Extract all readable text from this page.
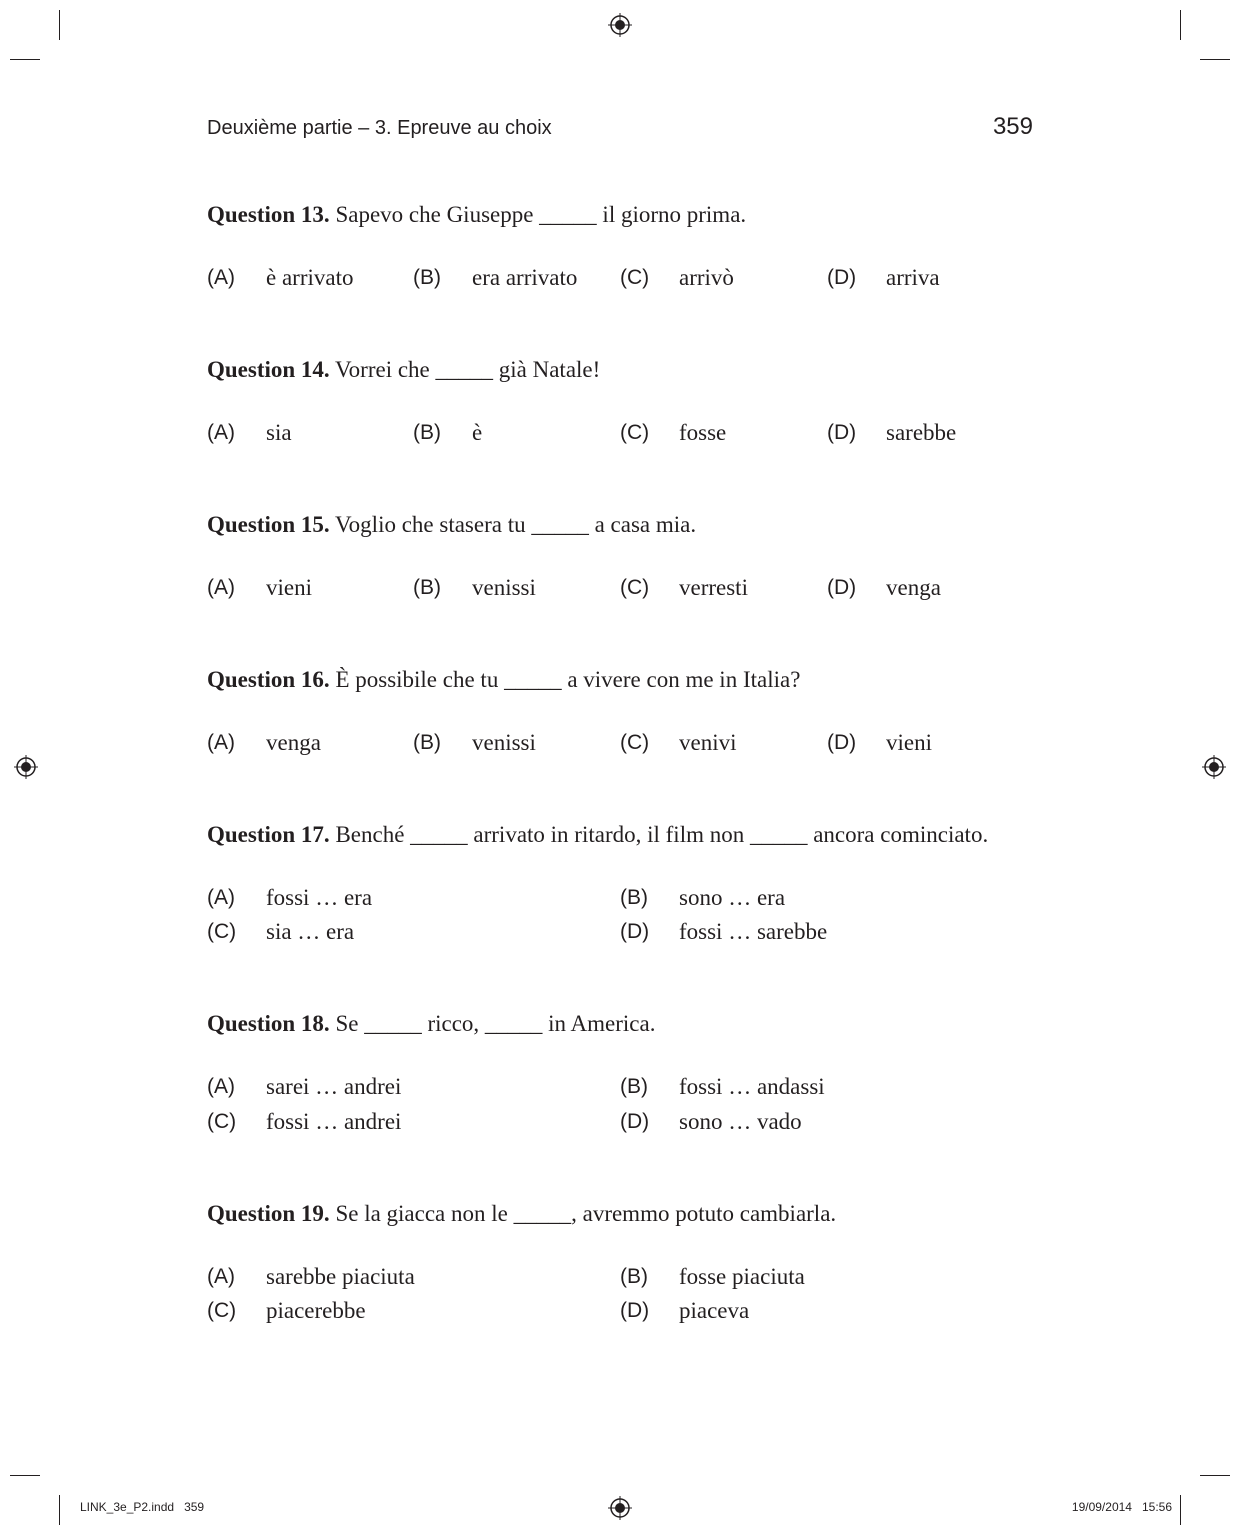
Deuxième partie – 3. Epreuve au choix	359
Question 13. Sapevo che Giuseppe _____ il giorno prima.
(A) è arrivato	(B) era arrivato (C) arrivò	(D) arriva
Question 14. Vorrei che _____ già Natale!
(A) sia	(B) è	(C) fosse	(D) sarebbe
Question 15. Voglio che stasera tu _____ a casa mia.
(A) vieni	(B) venissi	(C) verresti	(D) venga
Question 16. È possibile che tu _____ a vivere con me in Italia?
(A) venga	(B) venissi	(C) venivi	(D) vieni
Question 17. Benché _____ arrivato in ritardo, il film non _____ ancora cominciato.
(A) fossi … era	(B) sono … era
(C) sia … era	(D) fossi … sarebbe
Question 18. Se _____ ricco, _____ in America.
(A) sarei … andrei	(B) fossi … andassi
(C) fossi … andrei	(D) sono … vado
Question 19. Se la giacca non le _____, avremmo potuto cambiarla.
(A) sarebbe piaciuta	(B) fosse piaciuta
(C) piacerebbe	(D) piaceva
LINK_3e_P2.indd   359	19/09/2014   15:56
